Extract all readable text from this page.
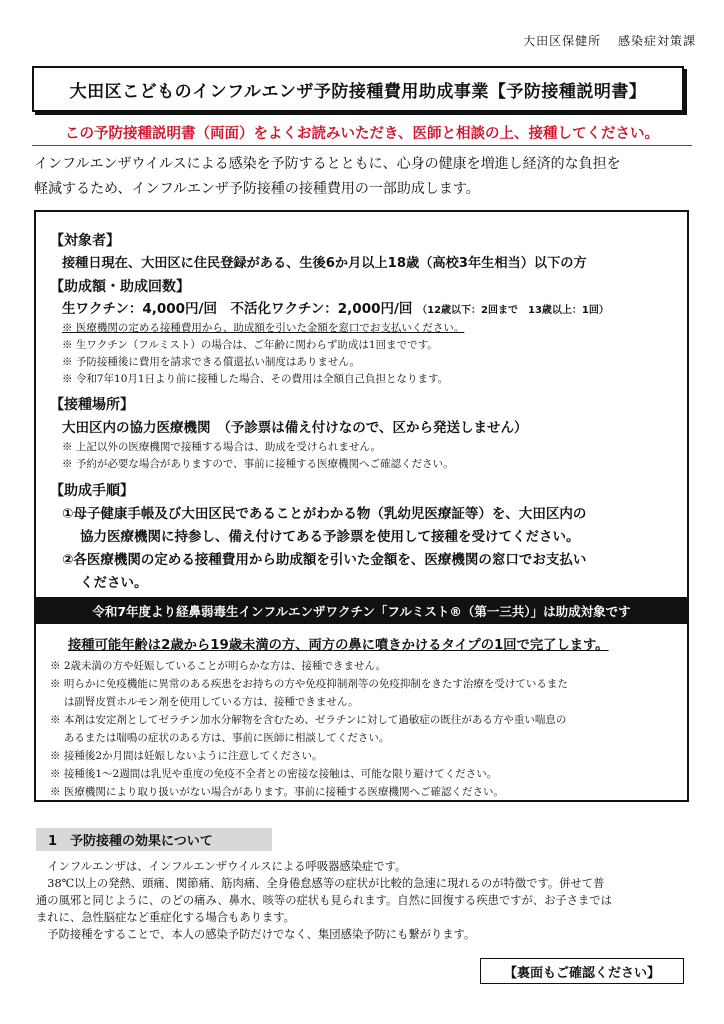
大田区保健所 感染症対策課
大田区こどものインフルエンザ予防接種費用助成事業【予防接種説明書】
この予防接種説明書（両面）をよくお読みいただき、医師と相談の上、接種してください。
インフルエンザウイルスによる感染を予防するとともに、心身の健康を増進し経済的な負担を
軽減するため、インフルエンザ予防接種の接種費用の一部助成します。
【対象者】
接種日現在、大田区に住民登録がある、生後6か月以上18歳（高校3年生相当）以下の方
【助成額・助成回数】
生ワクチン：4,000円/回　不活化ワクチン：2,000円/回 （12歳以下：2回まで　13歳以上：1回）
※ 医療機関の定める接種費用から、助成額を引いた金額を窓口でお支払いください。
※ 生ワクチン（フルミスト）の場合は、ご年齢に関わらず助成は1回までです。
※ 予防接種後に費用を請求できる償還払い制度はありません。
※ 令和7年10月1日より前に接種した場合、その費用は全額自己負担となります。
【接種場所】
大田区内の協力医療機関　（予診票は備え付けなので、区から発送しません）
※ 上記以外の医療機関で接種する場合は、助成を受けられません。
※ 予約が必要な場合がありますので、事前に接種する医療機関へご確認ください。
【助成手順】
①母子健康手帳及び大田区民であることがわかる物（乳幼児医療証等）を、大田区内の
協力医療機関に持参し、備え付けてある予診票を使用して接種を受けてください。
②各医療機関の定める接種費用から助成額を引いた金額を、医療機関の窓口でお支払い
ください。
令和7年度より経鼻弱毒生インフルエンザワクチン「フルミスト®（第一三共）」は助成対象です
接種可能年齢は2歳から19歳未満の方、両方の鼻に噴きかけるタイプの1回で完了します。
※ 2歳未満の方や妊娠していることが明らかな方は、接種できません。
※ 明らかに免疫機能に異常のある疾患をお持ちの方や免疫抑制剤等の免疫抑制をきたす治療を受けているまた
　 は副腎皮質ホルモン剤を使用している方は、接種できません。
※ 本剤は安定剤としてゼラチン加水分解物を含むため、ゼラチンに対して過敏症の既往がある方や重い喘息の
　 あるまたは喘鳴の症状のある方は、事前に医師に相談してください。
※ 接種後2か月間は妊娠しないように注意してください。
※ 接種後1〜2週間は乳児や重度の免疫不全者との密接な接触は、可能な限り避けてください。
※ 医療機関により取り扱いがない場合があります。事前に接種する医療機関へご確認ください。
1　予防接種の効果について
　インフルエンザは、インフルエンザウイルスによる呼吸器感染症です。
　38℃以上の発熱、頭痛、関節痛、筋肉痛、全身倦怠感等の症状が比較的急速に現れるのが特徴です。併せて普
通の風邪と同じように、のどの痛み、鼻水、咳等の症状も見られます。自然に回復する疾患ですが、お子さまでは
まれに、急性脳症など重症化する場合もあります。
　予防接種をすることで、本人の感染予防だけでなく、集団感染予防にも繋がります。
【裏面もご確認ください】
